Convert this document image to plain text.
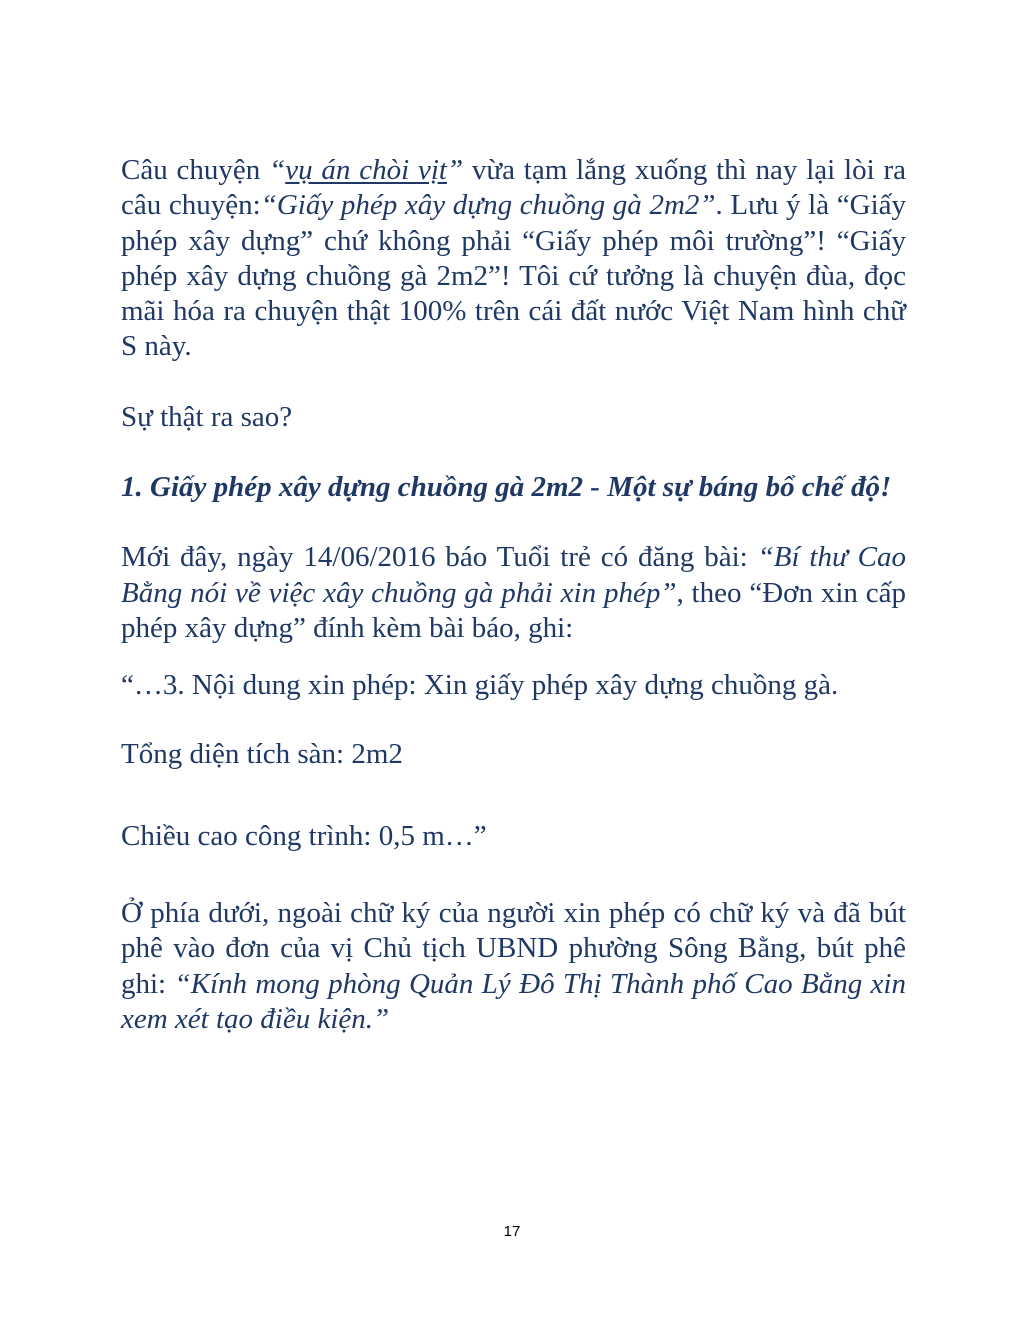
Câu chuyện “vụ án chòi vịt” vừa tạm lắng xuống thì nay lại lòi ra câu chuyện:“Giấy phép xây dựng chuồng gà 2m2”. Lưu ý là “Giấy phép xây dựng” chứ không phải “Giấy phép môi trường”! “Giấy phép xây dựng chuồng gà 2m2”! Tôi cứ tưởng là chuyện đùa, đọc mãi hóa ra chuyện thật 100% trên cái đất nước Việt Nam hình chữ S này.

Sự thật ra sao?

1. Giấy phép xây dựng chuồng gà 2m2 - Một sự báng bổ chế độ!

Mới đây, ngày 14/06/2016 báo Tuổi trẻ có đăng bài: “Bí thư Cao Bằng nói về việc xây chuồng gà phải xin phép”, theo “Đơn xin cấp phép xây dựng” đính kèm bài báo, ghi:

“…3. Nội dung xin phép: Xin giấy phép xây dựng chuồng gà.

Tổng diện tích sàn: 2m2

Chiều cao công trình: 0,5 m…”

Ở phía dưới, ngoài chữ ký của người xin phép có chữ ký và đã bút phê vào đơn của vị Chủ tịch UBND phường Sông Bằng, bút phê ghi: “Kính mong phòng Quản Lý Đô Thị Thành phố Cao Bằng xin xem xét tạo điều kiện.”

17
